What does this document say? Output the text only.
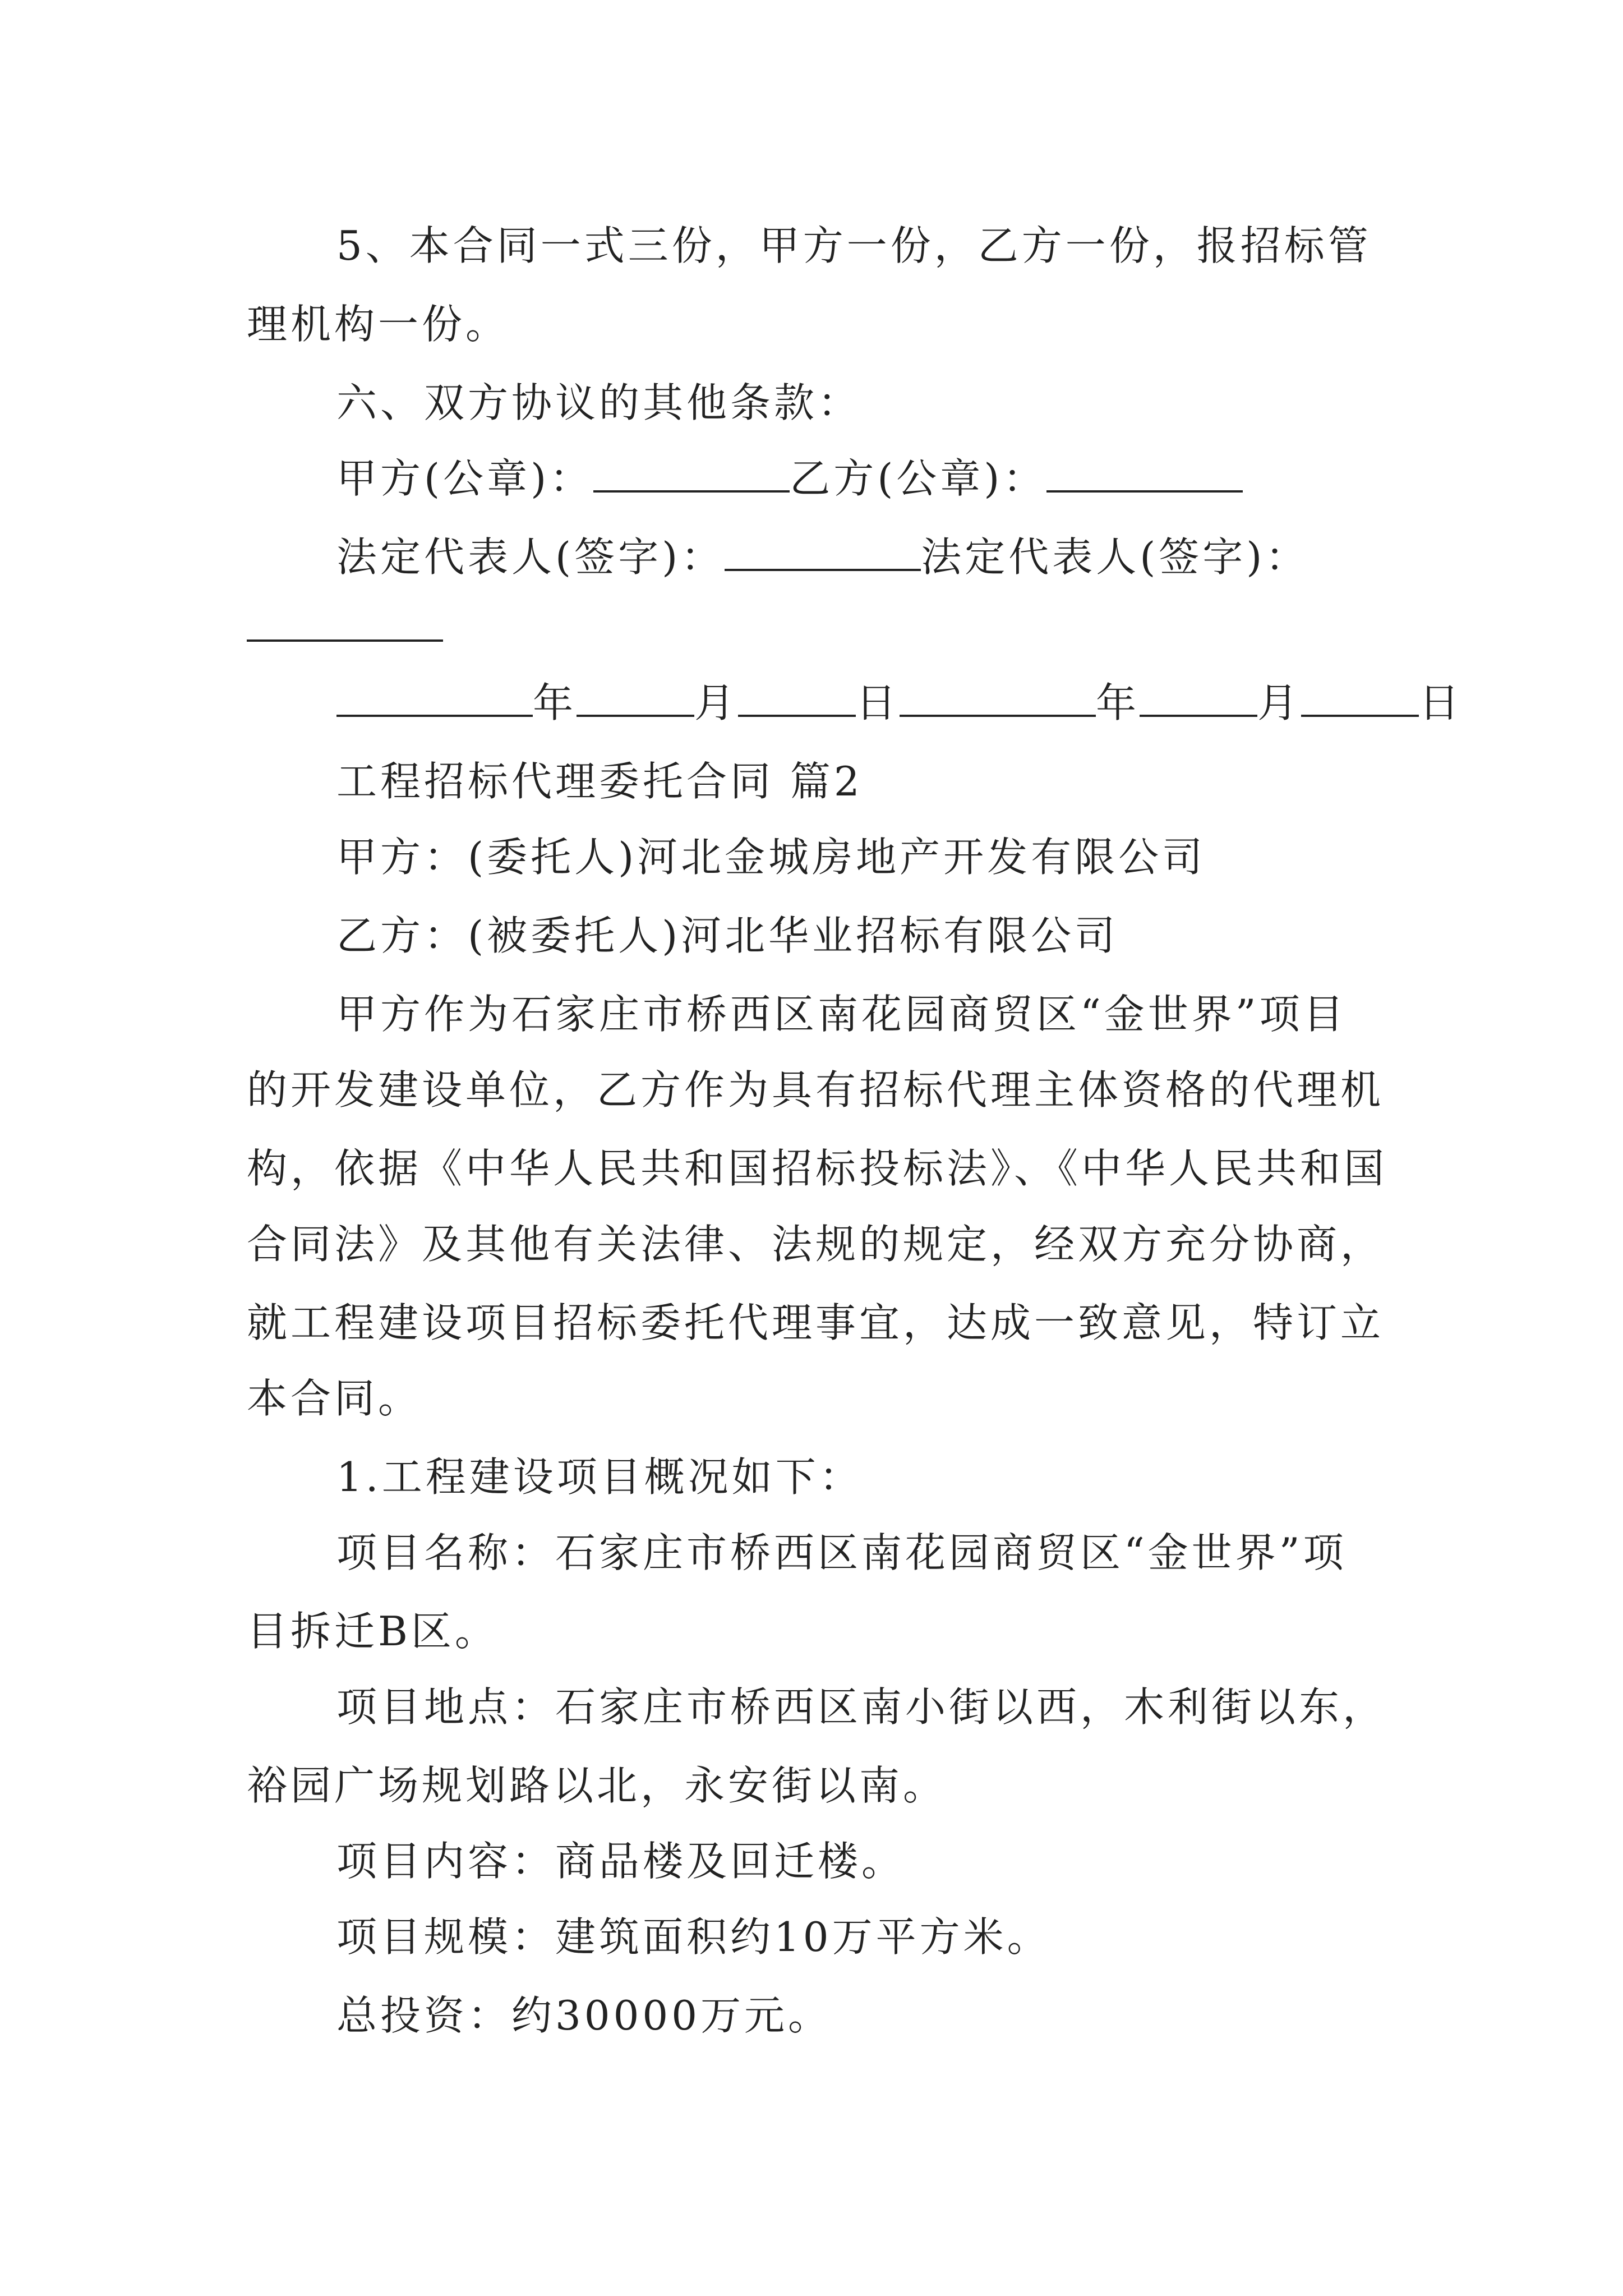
5、本合同一式三份，甲方一份，乙方一份，报招标管
理机构一份。
六、双方协议的其他条款：
甲方(公章)：	乙方(公章)：
法定代表人(签字)：	法定代表人(签字)：
年	月	日	年	月	日
工程招标代理委托合同 篇2
甲方：(委托人)河北金城房地产开发有限公司
乙方：(被委托人)河北华业招标有限公司
甲方作为石家庄市桥西区南花园商贸区“金世界”项目
的开发建设单位，乙方作为具有招标代理主体资格的代理机
构，依据《中华人民共和国招标投标法》、《中华人民共和国
合同法》及其他有关法律、法规的规定，经双方充分协商，
就工程建设项目招标委托代理事宜，达成一致意见，特订立
本合同。
1.工程建设项目概况如下：
项目名称：石家庄市桥西区南花园商贸区“金世界”项
目拆迁B区。
项目地点：石家庄市桥西区南小街以西，木利街以东，
裕园广场规划路以北，永安街以南。
项目内容：商品楼及回迁楼。
项目规模：建筑面积约10万平方米。
总投资：约30000万元。
